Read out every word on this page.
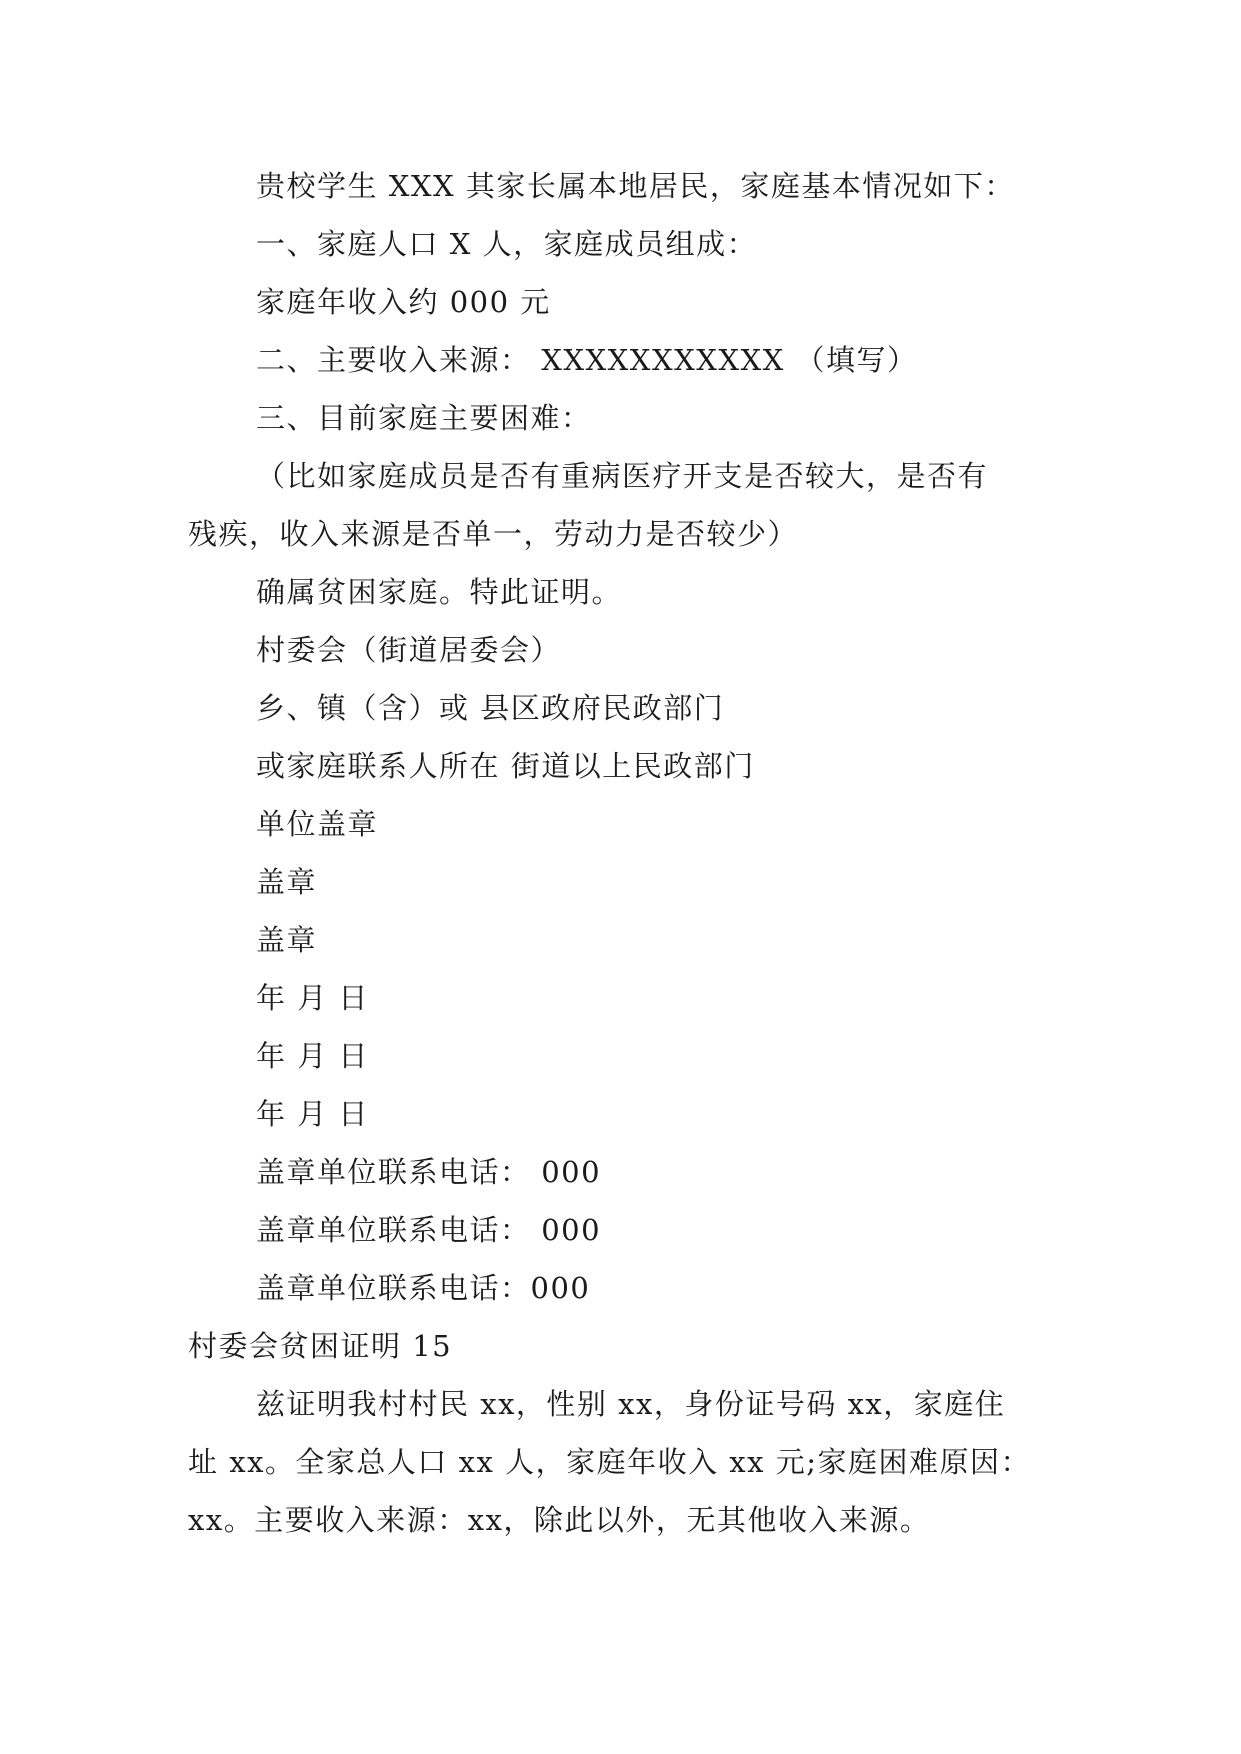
贵校学生 XXX 其家长属本地居民，家庭基本情况如下：
一、家庭人口 X 人，家庭成员组成：
家庭年收入约 000 元
二、主要收入来源： XXXXXXXXXXX （填写）
三、目前家庭主要困难：
（比如家庭成员是否有重病医疗开支是否较大，是否有
残疾，收入来源是否单一，劳动力是否较少）
确属贫困家庭。特此证明。
村委会（街道居委会）
乡、镇（含）或 县区政府民政部门
或家庭联系人所在 街道以上民政部门
单位盖章
盖章
盖章
年 月 日
年 月 日
年 月 日
盖章单位联系电话： 000
盖章单位联系电话： 000
盖章单位联系电话：000
村委会贫困证明 15
兹证明我村村民 xx，性别 xx，身份证号码 xx，家庭住
址 xx。全家总人口 xx 人，家庭年收入 xx 元;家庭困难原因：
xx。主要收入来源：xx，除此以外，无其他收入来源。
